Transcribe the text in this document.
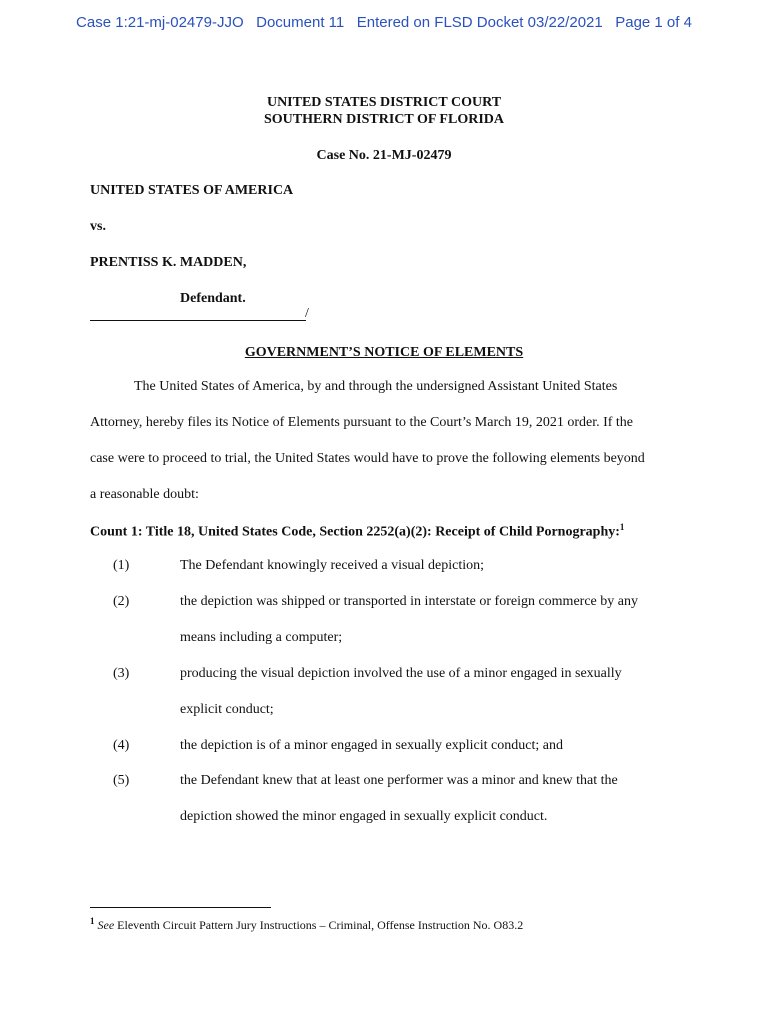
Case 1:21-mj-02479-JJO   Document 11   Entered on FLSD Docket 03/22/2021   Page 1 of 4
UNITED STATES DISTRICT COURT
SOUTHERN DISTRICT OF FLORIDA
Case No. 21-MJ-02479
UNITED STATES OF AMERICA
vs.
PRENTISS K. MADDEN,
Defendant.
/
GOVERNMENT’S NOTICE OF ELEMENTS
The United States of America, by and through the undersigned Assistant United States
Attorney, hereby files its Notice of Elements pursuant to the Court’s March 19, 2021 order. If the
case were to proceed to trial, the United States would have to prove the following elements beyond
a reasonable doubt:
Count 1: Title 18, United States Code, Section 2252(a)(2): Receipt of Child Pornography:$^1$
(1)	The Defendant knowingly received a visual depiction;
(2)	the depiction was shipped or transported in interstate or foreign commerce by any
means including a computer;
(3)	producing the visual depiction involved the use of a minor engaged in sexually
explicit conduct;
(4)	the depiction is of a minor engaged in sexually explicit conduct; and
(5)	the Defendant knew that at least one performer was a minor and knew that the
depiction showed the minor engaged in sexually explicit conduct.
$^1$ See Eleventh Circuit Pattern Jury Instructions – Criminal, Offense Instruction No. O83.2
